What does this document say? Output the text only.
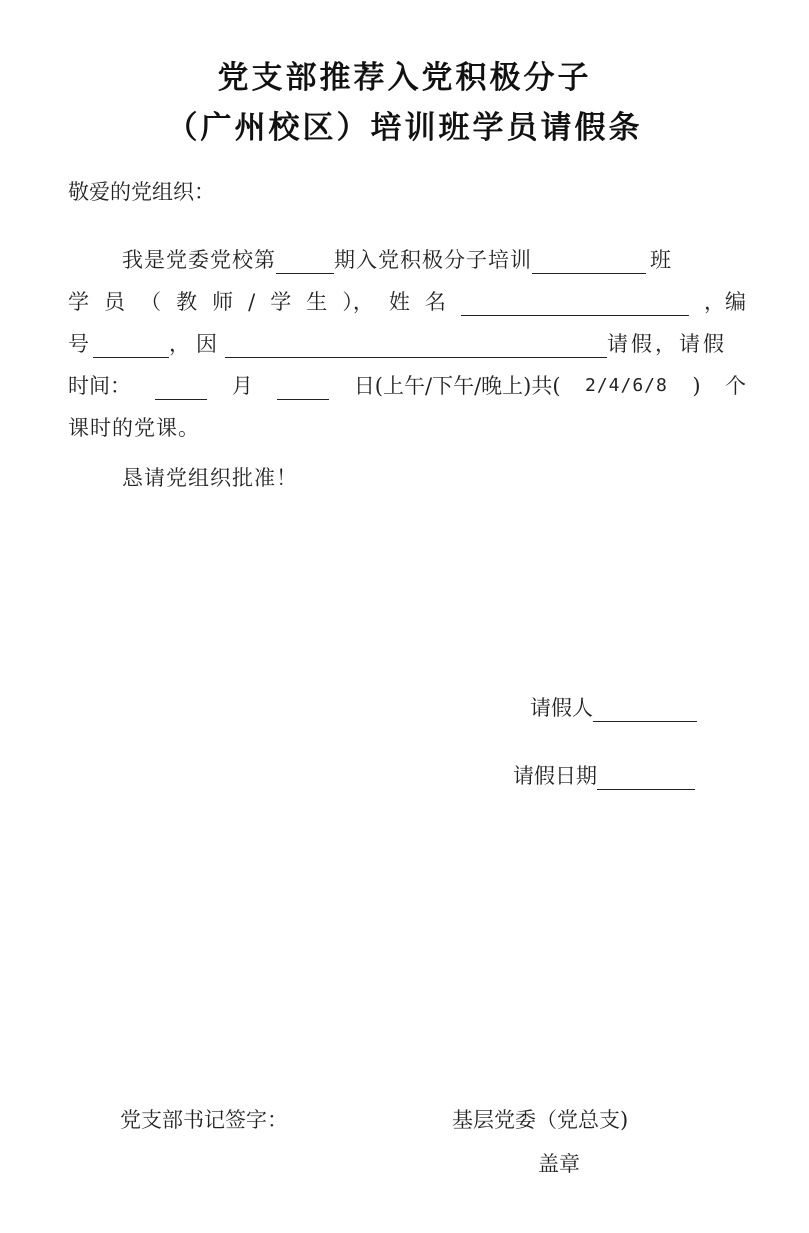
党支部推荐入党积极分子
（广州校区）培训班学员请假条
敬爱的党组织：
我是党委党校第	期入党积极分子培训	班
学 员 （ 教 师 / 学 生 ）， 姓 名	，编
号	，因	请假，请假
时间：	月	日(上午/下午/晚上)共( 2/4/6/8 ) 个
课时的党课。
恳请党组织批准！
请假人
请假日期
党支部书记签字：	基层党委（党总支)
盖章
